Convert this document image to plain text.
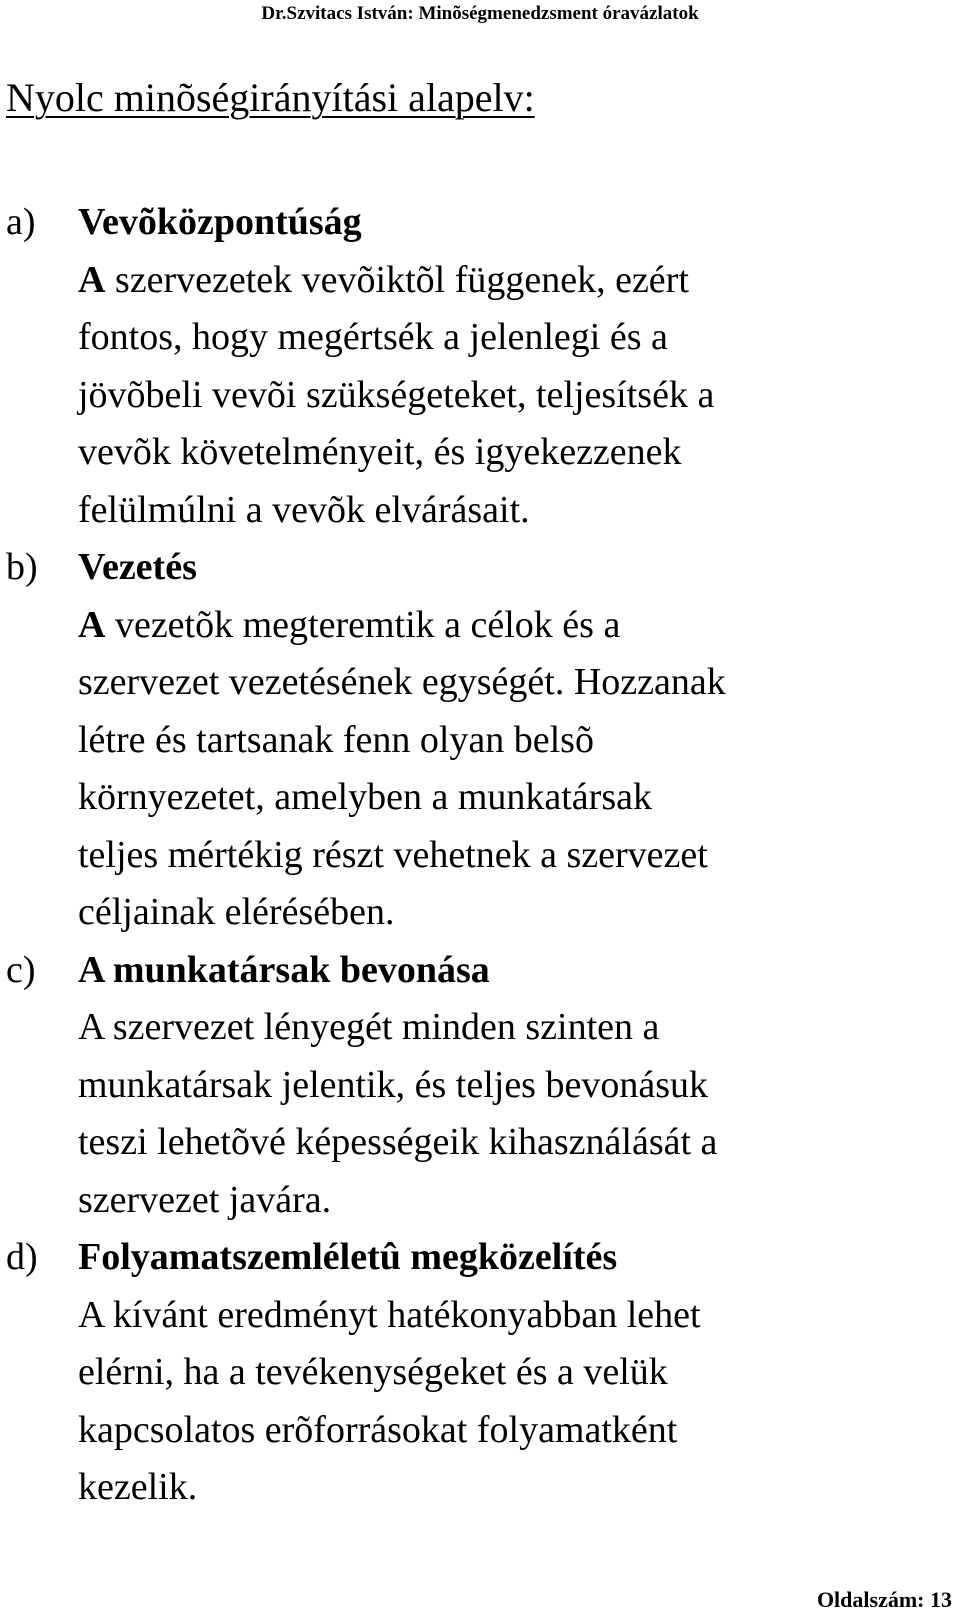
Dr.Szvitacs István: Minõségmenedzsment óravázlatok
Nyolc minõségirányítási alapelv:
a) Vevõközpontúság
A szervezetek vevõiktõl függenek, ezért
fontos, hogy megértsék a jelenlegi és a
jövõbeli vevõi szükségeteket, teljesítsék a
vevõk követelményeit, és igyekezzenek
felülmúlni a vevõk elvárásait.
b) Vezetés
A vezetõk megteremtik a célok és a
szervezet vezetésének egységét. Hozzanak
létre és tartsanak fenn olyan belsõ
környezetet, amelyben a munkatársak
teljes mértékig részt vehetnek a szervezet
céljainak elérésében.
c) A munkatársak bevonása
A szervezet lényegét minden szinten a
munkatársak jelentik, és teljes bevonásuk
teszi lehetõvé képességeik kihasználását a
szervezet javára.
d) Folyamatszemléletû megközelítés
A kívánt eredményt hatékonyabban lehet
elérni, ha a tevékenységeket és a velük
kapcsolatos erõforrásokat folyamatként
kezelik.
Oldalszám: 13
